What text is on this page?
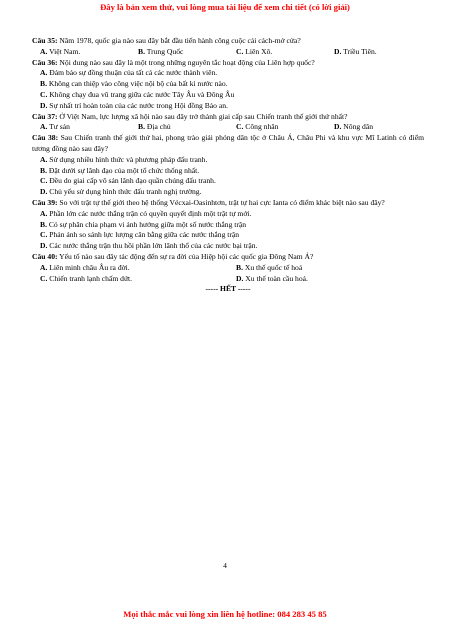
Đây là bản xem thử, vui lòng mua tài liệu để xem chi tiết (có lời giải)

Câu 35: Năm 1978, quốc gia nào sau đây bắt đầu tiến hành công cuộc cải cách-mở cửa?

A. Việt Nam.	B. Trung Quốc	C. Liên Xô.	D. Triều Tiên.

Câu 36: Nội dung nào sau đây là một trong những nguyên tắc hoạt động của Liên hợp quốc?

A. Đảm bảo sự đồng thuận của tất cả các nước thành viên.

B. Không can thiệp vào công việc nội bộ của bất kì nước nào.

C. Không chạy đua vũ trang giữa các nước Tây Âu và Đông Âu

D. Sự nhất trí hoàn toàn của các nước trong Hội đồng Bảo an.

Câu 37: Ở Việt Nam, lực lượng xã hội nào sau đây trở thành giai cấp sau Chiến tranh thế giới thứ nhất?

A. Tư sản	B. Địa chủ	C. Công nhân	D. Nông dân

Câu 38: Sau Chiến tranh thế giới thứ hai, phong trào giải phóng dân tộc ở Châu Á, Châu Phi và khu vực Mĩ Latinh có điểm tương đồng nào sau đây?

A. Sử dụng nhiều hình thức và phương pháp đấu tranh.

B. Đặt dưới sự lãnh đạo của một tổ chức thống nhất.

C. Đều do giai cấp vô sản lãnh đạo quần chúng đấu tranh.

D. Chủ yếu sử dụng hình thức đấu tranh nghị trường.

Câu 39: So với trật tự thế giới theo hệ thống Vécxai-Oasinhtơn, trật tự hai cực Ianta có điểm khác biệt nào sau đây?

A. Phần lớn các nước thắng trận có quyền quyết định một trật tự mới.

B. Có sự phân chia phạm vi ảnh hưởng giữa một số nước thắng trận

C. Phản ánh so sánh lực lượng cân bằng giữa các nước thắng trận

D. Các nước thắng trận thu hồi phần lớn lãnh thổ của các nước bại trận.

Câu 40: Yếu tố nào sau đây tác động đến sự ra đời của Hiệp hội các quốc gia Đông Nam Á?

A. Liên minh châu Âu ra đời.	B. Xu thế quốc tế hoá
C. Chiến tranh lạnh chấm dứt.	D. Xu thế toàn cầu hoá.
----- HẾT -----
4
Mọi thắc mắc vui lòng xin liên hệ hotline: 084 283 45 85
